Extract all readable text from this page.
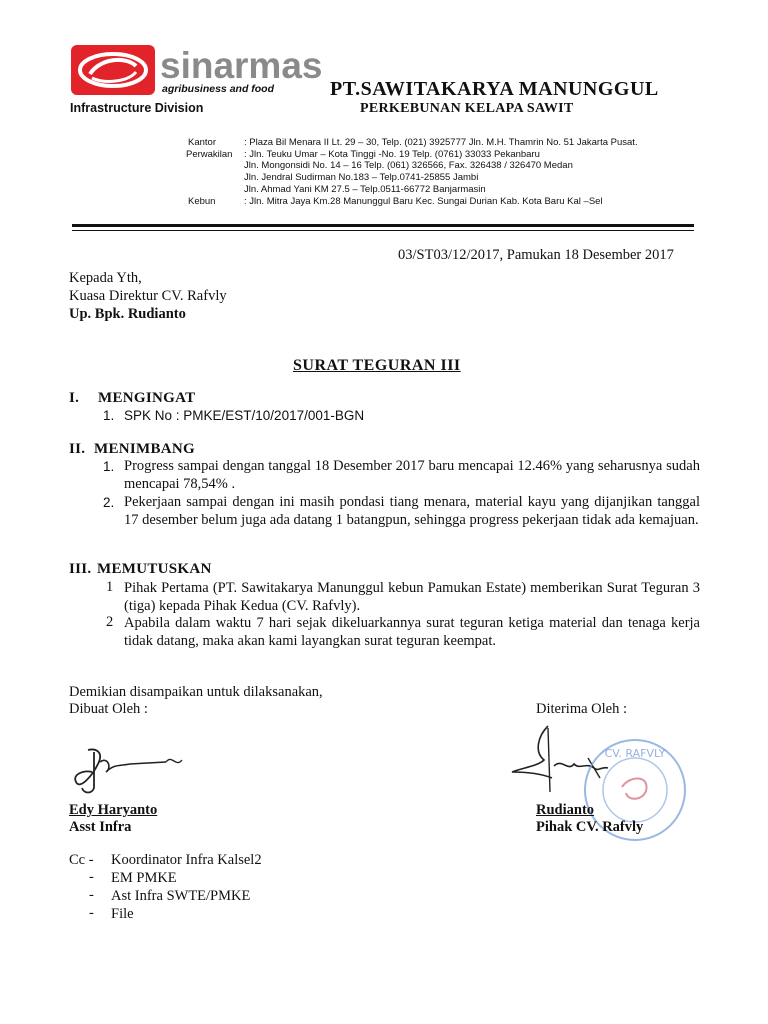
sinarmas
agribusiness and food
Infrastructure Division
PT.SAWITAKARYA MANUNGGUL
PERKEBUNAN KELAPA SAWIT
Kantor
Perwakilan
Kebun
: Plaza Bil Menara II Lt. 29 – 30, Telp. (021) 3925777 Jln. M.H. Thamrin No. 51 Jakarta Pusat.
: Jln. Teuku Umar – Kota Tinggi -No. 19 Telp. (0761) 33033 Pekanbaru
Jln. Mongonsidi No. 14 – 16 Telp. (061) 326566, Fax. 326438 / 326470 Medan
Jln. Jendral Sudirman No.183 – Telp.0741-25855 Jambi
Jln. Ahmad Yani KM 27.5 – Telp.0511-66772 Banjarmasin
: Jln. Mitra Jaya Km.28 Manunggul Baru Kec. Sungai Durian Kab. Kota Baru Kal –Sel
03/ST03/12/2017, Pamukan 18 Desember 2017
Kepada Yth,
Kuasa Direktur CV. Rafvly
Up. Bpk. Rudianto
SURAT TEGURAN III
I. MENGINGAT
1. SPK No : PMKE/EST/10/2017/001-BGN
II. MENIMBANG
1. Progress sampai dengan tanggal 18 Desember 2017 baru mencapai 12.46% yang seharusnya sudah mencapai 78,54% .
2. Pekerjaan sampai dengan ini masih pondasi tiang menara, material kayu yang dijanjikan tanggal 17 desember belum juga ada datang 1 batangpun, sehingga progress pekerjaan tidak ada kemajuan.
III. MEMUTUSKAN
1 Pihak Pertama (PT. Sawitakarya Manunggul kebun Pamukan Estate) memberikan Surat Teguran 3 (tiga) kepada Pihak Kedua (CV. Rafvly).
2 Apabila dalam waktu 7 hari sejak dikeluarkannya surat teguran ketiga material dan tenaga kerja tidak datang, maka akan kami layangkan surat teguran keempat.
Demikian disampaikan untuk dilaksanakan,
Dibuat Oleh :	Diterima Oleh :
CV. RAFVLY
Edy Haryanto
Asst Infra
Rudianto
Pihak CV. Rafvly
Cc - Koordinator Infra Kalsel2
- EM PMKE
- Ast Infra SWTE/PMKE
- File
